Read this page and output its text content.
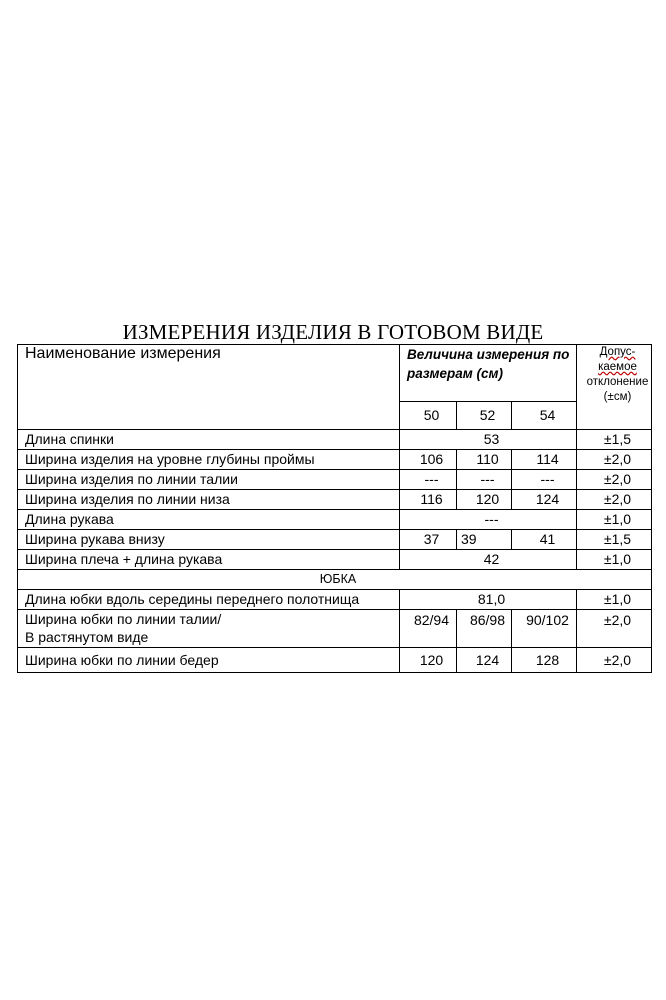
ИЗМЕРЕНИЯ ИЗДЕЛИЯ В ГОТОВОМ ВИДЕ
Наименование измерения	Величина измерения по размерам (см)			Допус-
каемое
отклонение
(±см)
	50	52	54	
Длина спинки	53			±1,5
Ширина изделия на уровне глубины проймы	106	110	114	±2,0
Ширина изделия по линии талии	---	---	---	±2,0
Ширина изделия по линии низа	116	120	124	±2,0
Длина рукава	---			±1,0
Ширина рукава внизу	37	39	41	±1,5
Ширина плеча + длина рукава	42			±1,0
ЮБКА				
Длина юбки вдоль середины переднего полотнища	81,0			±1,0
Ширина юбки по линии талии/
В растянутом виде	82/94	86/98	90/102	±2,0
Ширина юбки по линии бедер	120	124	128	±2,0
